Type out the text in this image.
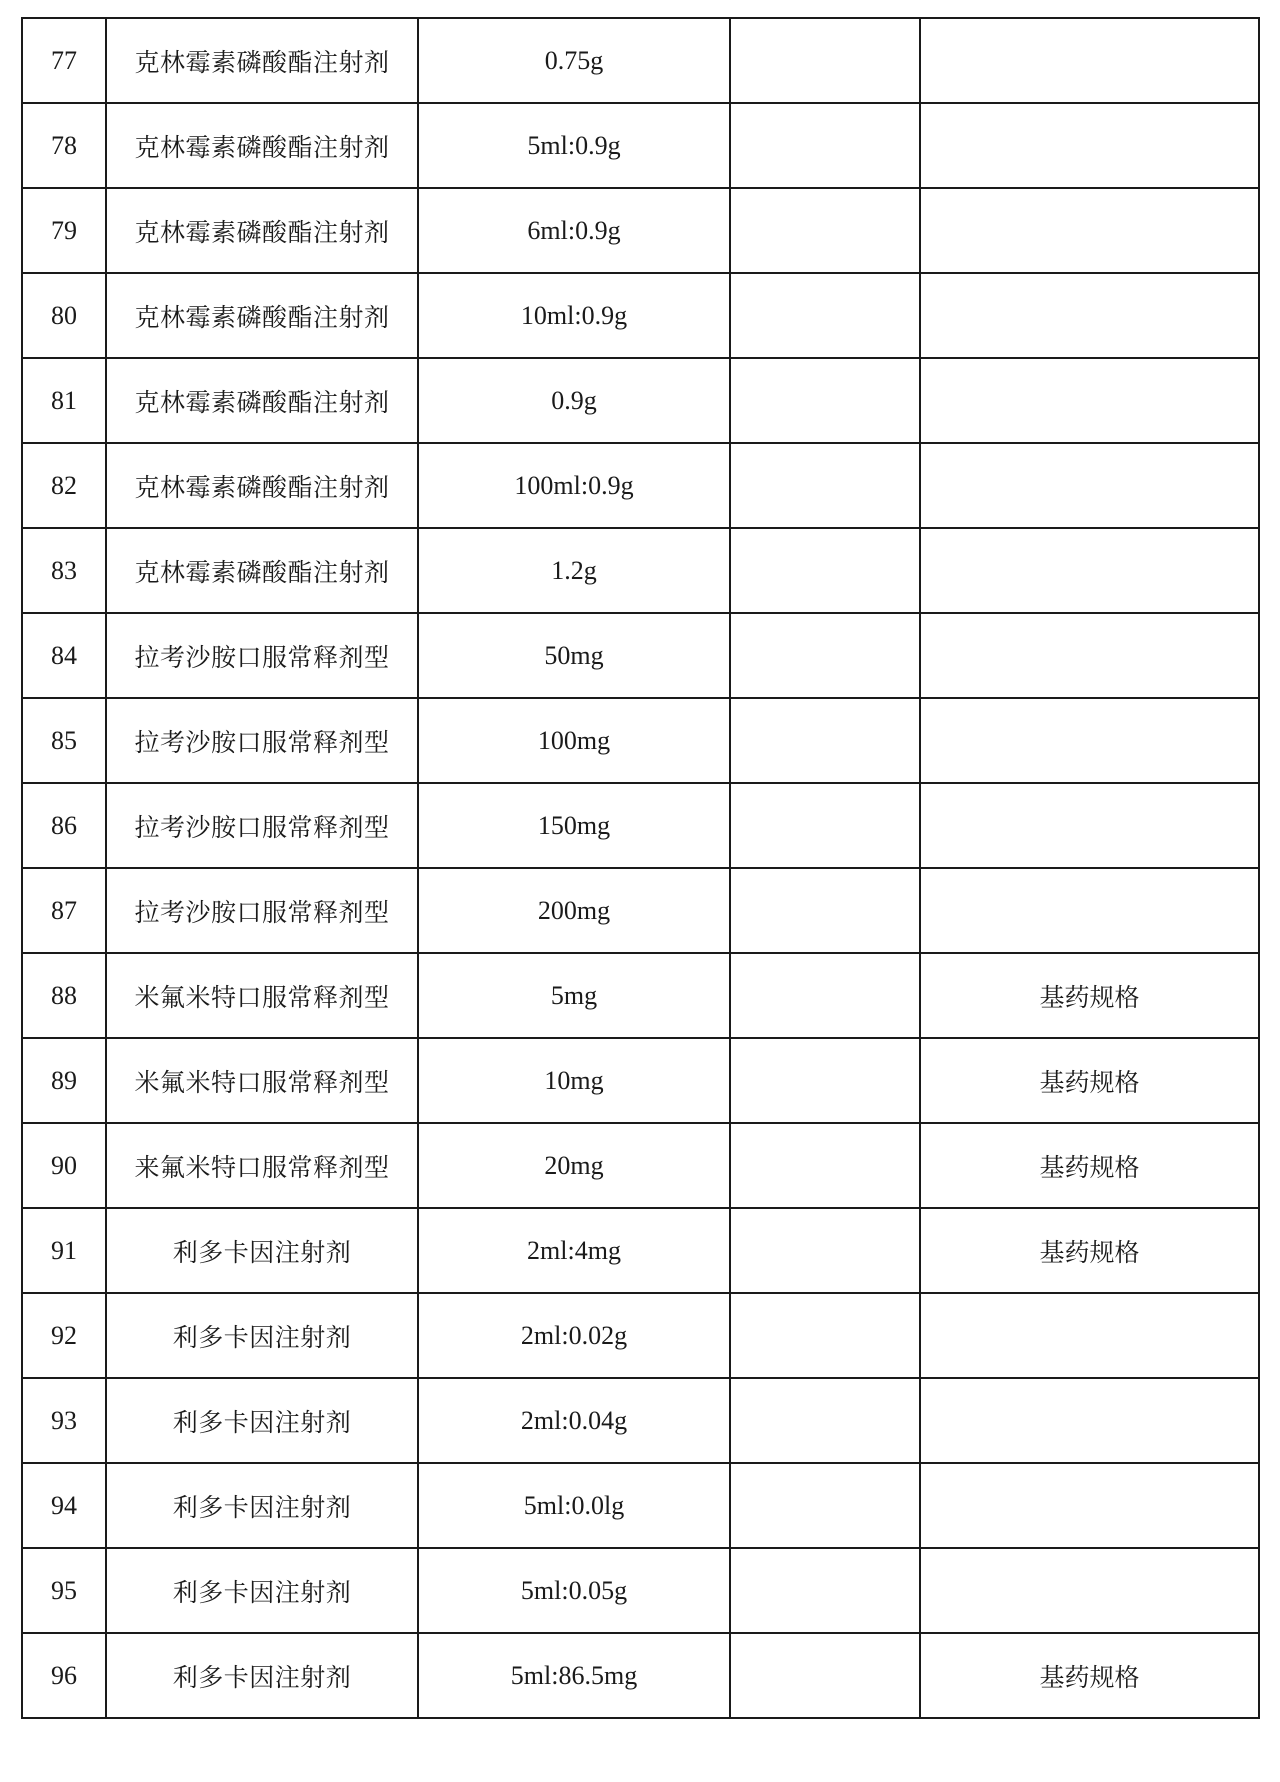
77	克林霉素磷酸酯注射剂	0.75g		
78	克林霉素磷酸酯注射剂	5ml:0.9g		
79	克林霉素磷酸酯注射剂	6ml:0.9g		
80	克林霉素磷酸酯注射剂	10ml:0.9g		
81	克林霉素磷酸酯注射剂	0.9g		
82	克林霉素磷酸酯注射剂	100ml:0.9g		
83	克林霉素磷酸酯注射剂	1.2g		
84	拉考沙胺口服常释剂型	50mg		
85	拉考沙胺口服常释剂型	100mg		
86	拉考沙胺口服常释剂型	150mg		
87	拉考沙胺口服常释剂型	200mg		
88	米氟米特口服常释剂型	5mg		基药规格
89	米氟米特口服常释剂型	10mg		基药规格
90	来氟米特口服常释剂型	20mg		基药规格
91	利多卡因注射剂	2ml:4mg		基药规格
92	利多卡因注射剂	2ml:0.02g		
93	利多卡因注射剂	2ml:0.04g		
94	利多卡因注射剂	5ml:0.0lg		
95	利多卡因注射剂	5ml:0.05g		
96	利多卡因注射剂	5ml:86.5mg		基药规格
